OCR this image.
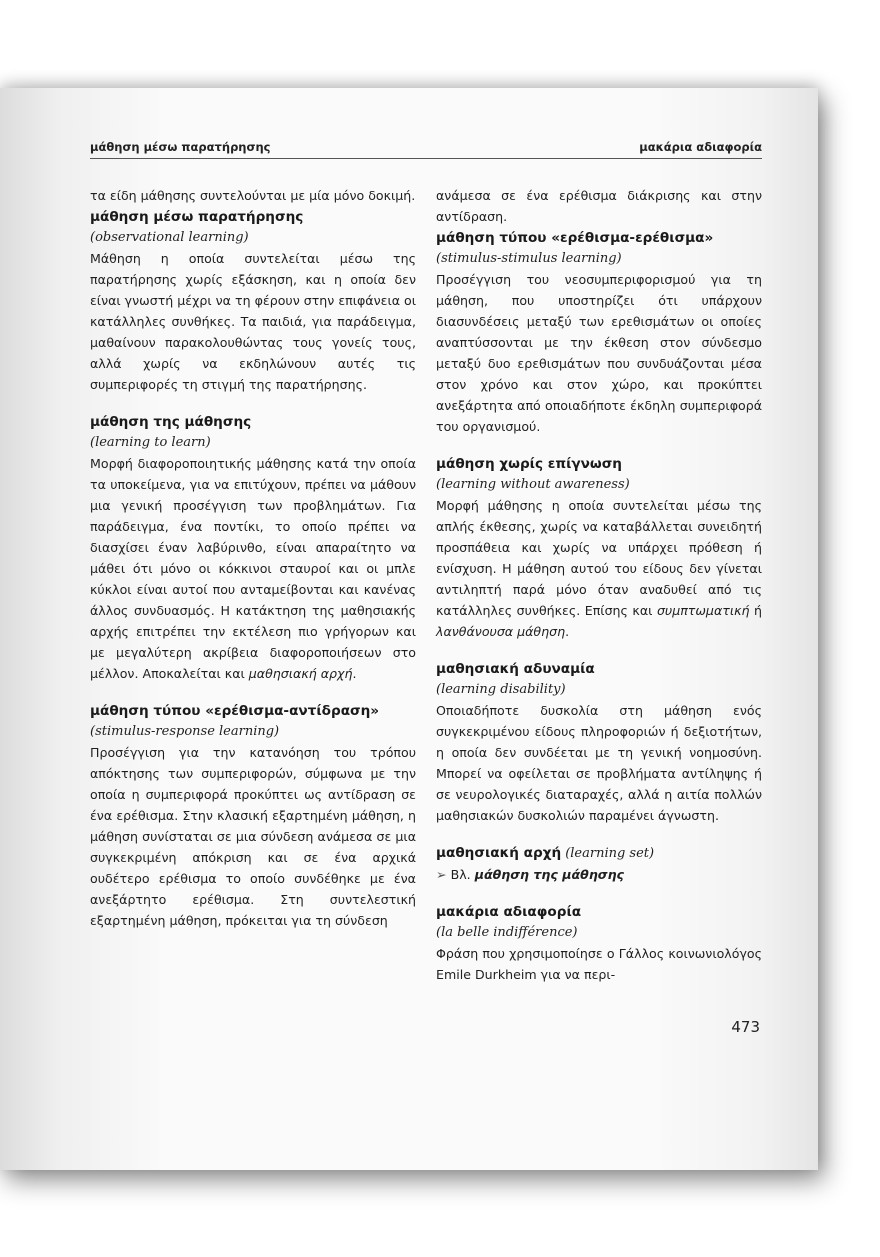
μάθηση μέσω παρατήρησης	μακάρια αδιαφορία

τα είδη μάθησης συντελούνται με μία μόνο δοκιμή.

μάθηση μέσω παρατήρησης
(observational learning)

Μάθηση η οποία συντελείται μέσω της παρατήρησης χωρίς εξάσκηση, και η οποία δεν είναι γνωστή μέχρι να τη φέρουν στην επιφάνεια οι κατάλληλες συνθήκες. Τα παιδιά, για παράδειγμα, μαθαίνουν παρακολουθώντας τους γονείς τους, αλλά χωρίς να εκδηλώνουν αυτές τις συμπεριφορές τη στιγμή της παρατήρησης.

μάθηση της μάθησης
(learning to learn)

Μορφή διαφοροποιητικής μάθησης κατά την οποία τα υποκείμενα, για να επιτύχουν, πρέπει να μάθουν μια γενική προσέγγιση των προβλημάτων. Για παράδειγμα, ένα ποντίκι, το οποίο πρέπει να διασχίσει έναν λαβύρινθο, είναι απαραίτητο να μάθει ότι μόνο οι κόκκινοι σταυροί και οι μπλε κύκλοι είναι αυτοί που ανταμείβονται και κανένας άλλος συνδυασμός. Η κατάκτηση της μαθησιακής αρχής επιτρέπει την εκτέλεση πιο γρήγορων και με μεγαλύτερη ακρίβεια διαφοροποιήσεων στο μέλλον. Αποκαλείται και μαθησιακή αρχή.

μάθηση τύπου «ερέθισμα-αντίδραση»
(stimulus-response learning)

Προσέγγιση για την κατανόηση του τρόπου απόκτησης των συμπεριφορών, σύμφωνα με την οποία η συμπεριφορά προκύπτει ως αντίδραση σε ένα ερέθισμα. Στην κλασική εξαρτημένη μάθηση, η μάθηση συνίσταται σε μια σύνδεση ανάμεσα σε μια συγκεκριμένη απόκριση και σε ένα αρχικά ουδέτερο ερέθισμα το οποίο συνδέθηκε με ένα ανεξάρτητο ερέθισμα. Στη συντελεστική εξαρτημένη μάθηση, πρόκειται για τη σύνδεση

ανάμεσα σε ένα ερέθισμα διάκρισης και στην αντίδραση.

μάθηση τύπου «ερέθισμα-ερέθισμα»
(stimulus-stimulus learning)

Προσέγγιση του νεοσυμπεριφορισμού για τη μάθηση, που υποστηρίζει ότι υπάρχουν διασυνδέσεις μεταξύ των ερεθισμάτων οι οποίες αναπτύσσονται με την έκθεση στον σύνδεσμο μεταξύ δυο ερεθισμάτων που συνδυάζονται μέσα στον χρόνο και στον χώρο, και προκύπτει ανεξάρτητα από οποιαδήποτε έκδηλη συμπεριφορά του οργανισμού.

μάθηση χωρίς επίγνωση
(learning without awareness)

Μορφή μάθησης η οποία συντελείται μέσω της απλής έκθεσης, χωρίς να καταβάλλεται συνειδητή προσπάθεια και χωρίς να υπάρχει πρόθεση ή ενίσχυση. Η μάθηση αυτού του είδους δεν γίνεται αντιληπτή παρά μόνο όταν αναδυθεί από τις κατάλληλες συνθήκες. Επίσης και συμπτωματική ή λανθάνουσα μάθηση.

μαθησιακή αδυναμία
(learning disability)

Οποιαδήποτε δυσκολία στη μάθηση ενός συγκεκριμένου είδους πληροφοριών ή δεξιοτήτων, η οποία δεν συνδέεται με τη γενική νοημοσύνη. Μπορεί να οφείλεται σε προβλήματα αντίληψης ή σε νευρολογικές διαταραχές, αλλά η αιτία πολλών μαθησιακών δυσκολιών παραμένει άγνωστη.

μαθησιακή αρχή (learning set)
➢ Βλ. μάθηση της μάθησης
μακάρια αδιαφορία
(la belle indifférence)

Φράση που χρησιμοποίησε ο Γάλλος κοινωνιολόγος Emile Durkheim για να περι-

473
